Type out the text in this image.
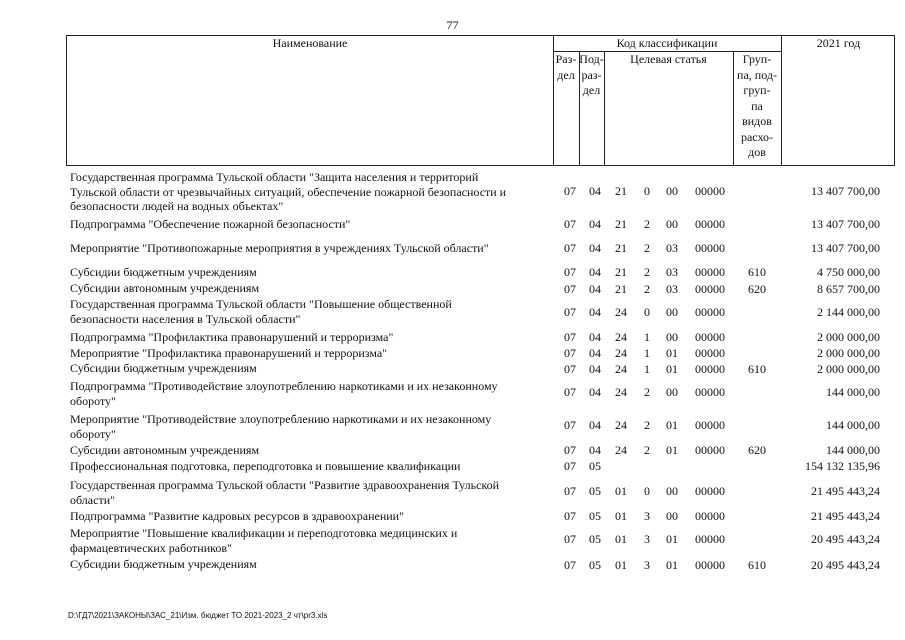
77
Наименование	Код классификации	2021 год
Раз-
дел
Под-
раз-
дел
Целевая статья	Груп-
па, под-
груп-
па
видов
расхо-
дов
Государственная программа Тульской области "Защита населения и территорий
Тульской области от чрезвычайных ситуаций, обеспечение пожарной безопасности и
безопасности людей на водных объектах"
07	04	21	0	00	00000	13 407 700,00
Подпрограмма "Обеспечение пожарной безопасности"	07	04	21	2	00	00000	13 407 700,00
Мероприятие "Противопожарные мероприятия в учреждениях Тульской области"	07	04	21	2	03	00000	13 407 700,00
Субсидии бюджетным учреждениям	07	04	21	2	03	00000	610	4 750 000,00
Субсидии автономным учреждениям	07	04	21	2	03	00000	620	8 657 700,00
Государственная программа Тульской области "Повышение общественной
безопасности населения в Тульской области"	07	04	24	0	00	00000	2 144 000,00
Подпрограмма "Профилактика правонарушений и терроризма"	07	04	24	1	00	00000	2 000 000,00
Мероприятие "Профилактика правонарушений и терроризма"	07	04	24	1	01	00000	2 000 000,00
Субсидии бюджетным учреждениям	07	04	24	1	01	00000	610	2 000 000,00
Подпрограмма "Противодействие злоупотреблению наркотиками и их незаконному
обороту"
07	04	24	2	00	00000	144 000,00
Мероприятие "Противодействие злоупотреблению наркотиками и их незаконному
обороту"
07	04	24	2	01	00000	144 000,00
Субсидии автономным учреждениям	07	04	24	2	01	00000	620	144 000,00
Профессиональная подготовка, переподготовка и повышение квалификации	07	05	154 132 135,96
Государственная программа Тульской области "Развитие здравоохранения Тульской
области"
07	05	01	0	00	00000	21 495 443,24
Подпрограмма "Развитие кадровых ресурсов в здравоохранении"	07	05	01	3	00	00000	21 495 443,24
Мероприятие "Повышение квалификации и переподготовка медицинских и
фармацевтических работников"
07	05	01	3	01	00000	20 495 443,24
Субсидии бюджетным учреждениям	07	05	01	3	01	00000	610	20 495 443,24
D:\ГД7\2021\ЗАКОНЫ\ЗАС_21\Изм. бюджет ТО 2021-2023_2 чт\pr3.xls
